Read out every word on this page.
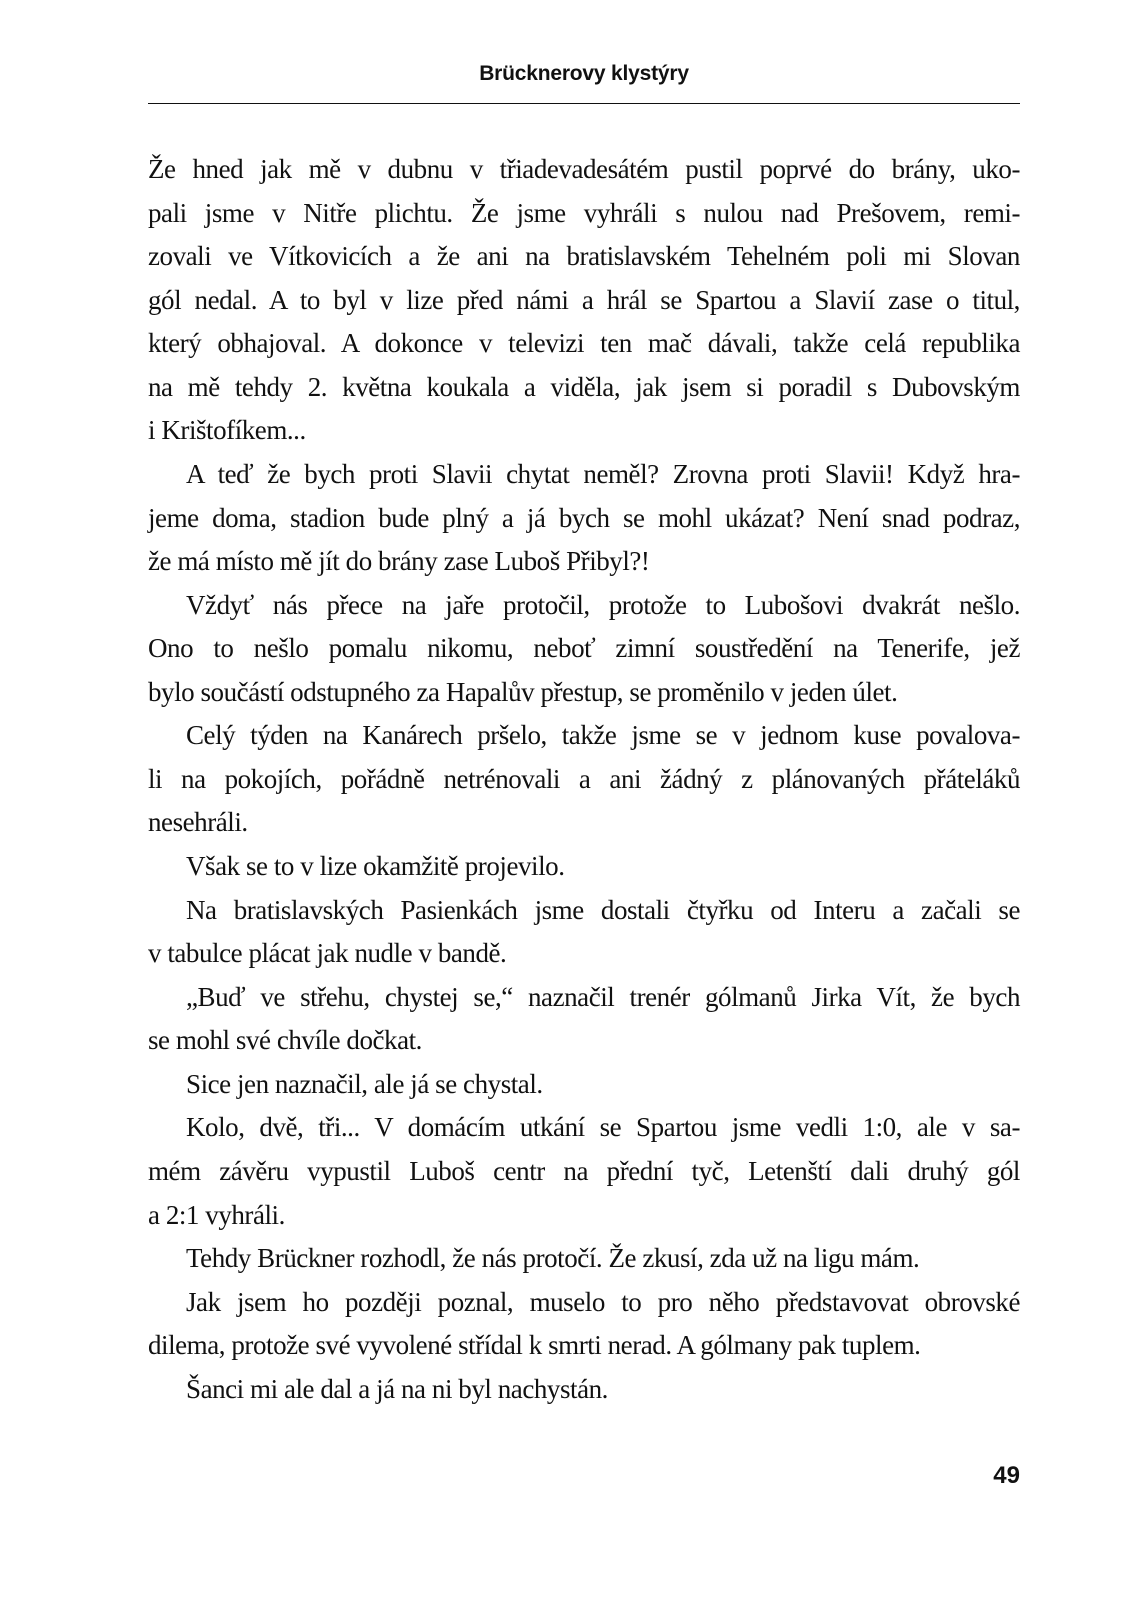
Brücknerovy klystýry
Že hned jak mě v dubnu v třiadevadesátém pustil poprvé do brány, uko-
pali jsme v Nitře plichtu. Že jsme vyhráli s nulou nad Prešovem, remi-
zovali ve Vítkovicích a že ani na bratislavském Tehelném poli mi Slovan
gól nedal. A to byl v lize před námi a hrál se Spartou a Slavií zase o titul,
který obhajoval. A dokonce v televizi ten mač dávali, takže celá republika
na mě tehdy 2. května koukala a viděla, jak jsem si poradil s Dubovským
i Krištofíkem...
A teď že bych proti Slavii chytat neměl? Zrovna proti Slavii! Když hra-
jeme doma, stadion bude plný a já bych se mohl ukázat? Není snad podraz,
že má místo mě jít do brány zase Luboš Přibyl?!
Vždyť nás přece na jaře protočil, protože to Lubošovi dvakrát nešlo.
Ono to nešlo pomalu nikomu, neboť zimní soustředění na Tenerife, jež
bylo součástí odstupného za Hapalův přestup, se proměnilo v jeden úlet.
Celý týden na Kanárech pršelo, takže jsme se v jednom kuse povalova-
li na pokojích, pořádně netrénovali a ani žádný z plánovaných přáteláků
nesehráli.
Však se to v lize okamžitě projevilo.
Na bratislavských Pasienkách jsme dostali čtyřku od Interu a začali se
v tabulce plácat jak nudle v bandě.
„Buď ve střehu, chystej se,“ naznačil trenér gólmanů Jirka Vít, že bych
se mohl své chvíle dočkat.
Sice jen naznačil, ale já se chystal.
Kolo, dvě, tři... V domácím utkání se Spartou jsme vedli 1:0, ale v sa-
mém závěru vypustil Luboš centr na přední tyč, Letenští dali druhý gól
a 2:1 vyhráli.
Tehdy Brückner rozhodl, že nás protočí. Že zkusí, zda už na ligu mám.
Jak jsem ho později poznal, muselo to pro něho představovat obrovské
dilema, protože své vyvolené střídal k smrti nerad. A gólmany pak tuplem.
Šanci mi ale dal a já na ni byl nachystán.
49
